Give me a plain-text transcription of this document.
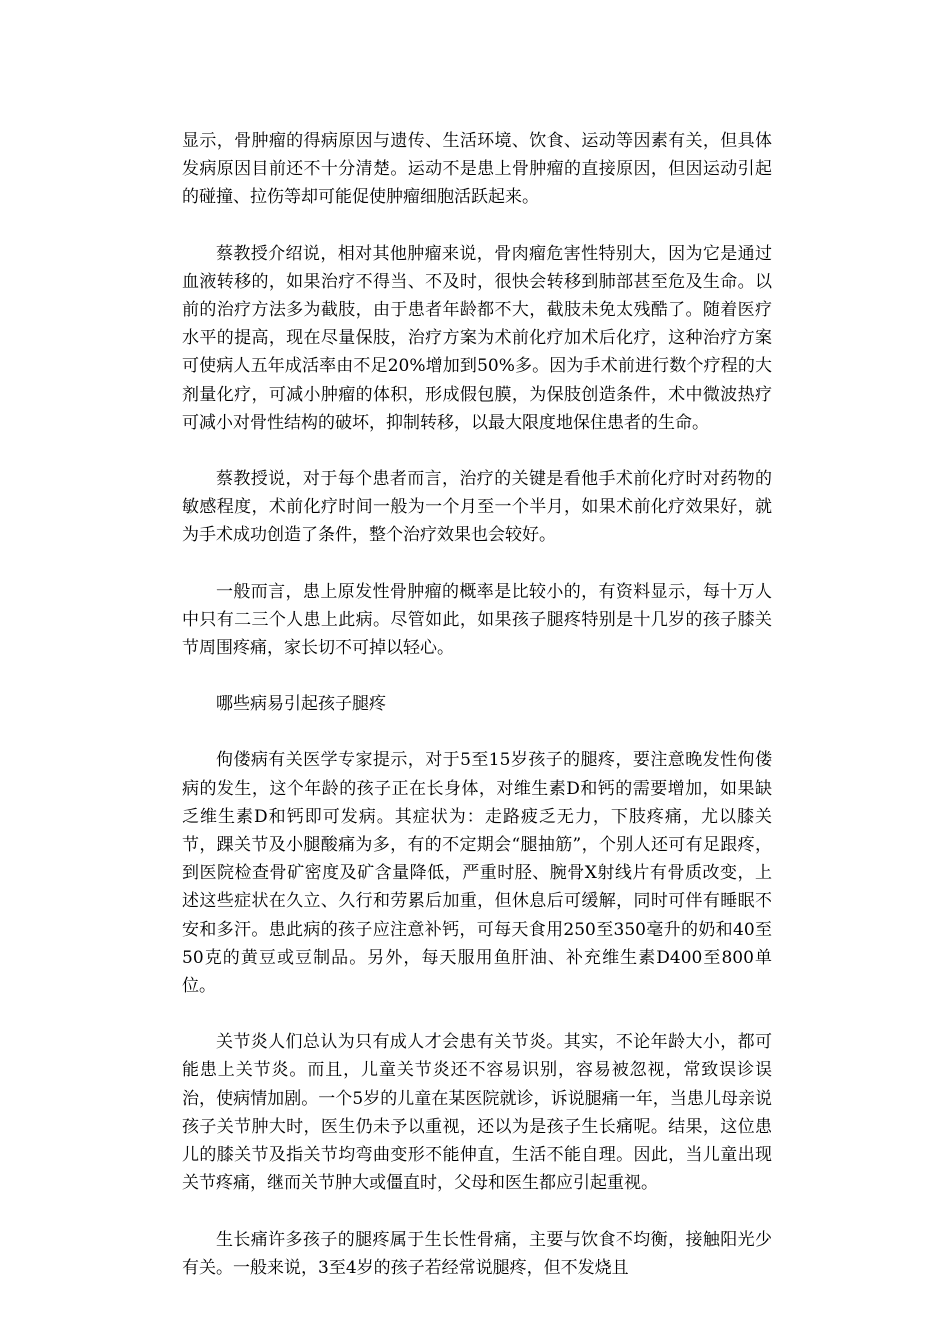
显示，骨肿瘤的得病原因与遗传、生活环境、饮食、运动等因素有关，但具体发病原因目前还不十分清楚。运动不是患上骨肿瘤的直接原因，但因运动引起的碰撞、拉伤等却可能促使肿瘤细胞活跃起来。

蔡教授介绍说，相对其他肿瘤来说，骨肉瘤危害性特别大，因为它是通过血液转移的，如果治疗不得当、不及时，很快会转移到肺部甚至危及生命。以前的治疗方法多为截肢，由于患者年龄都不大，截肢未免太残酷了。随着医疗水平的提高，现在尽量保肢，治疗方案为术前化疗加术后化疗，这种治疗方案可使病人五年成活率由不足20%增加到50%多。因为手术前进行数个疗程的大剂量化疗，可减小肿瘤的体积，形成假包膜，为保肢创造条件，术中微波热疗可减小对骨性结构的破坏，抑制转移，以最大限度地保住患者的生命。

蔡教授说，对于每个患者而言，治疗的关键是看他手术前化疗时对药物的敏感程度，术前化疗时间一般为一个月至一个半月，如果术前化疗效果好，就为手术成功创造了条件，整个治疗效果也会较好。

一般而言，患上原发性骨肿瘤的概率是比较小的，有资料显示，每十万人中只有二三个人患上此病。尽管如此，如果孩子腿疼特别是十几岁的孩子膝关节周围疼痛，家长切不可掉以轻心。

哪些病易引起孩子腿疼

佝偻病有关医学专家提示，对于5至15岁孩子的腿疼，要注意晚发性佝偻病的发生，这个年龄的孩子正在长身体，对维生素D和钙的需要增加，如果缺乏维生素D和钙即可发病。其症状为：走路疲乏无力，下肢疼痛，尤以膝关节，踝关节及小腿酸痛为多，有的不定期会“腿抽筋”，个别人还可有足跟疼，到医院检查骨矿密度及矿含量降低，严重时胫、腕骨X射线片有骨质改变，上述这些症状在久立、久行和劳累后加重，但休息后可缓解，同时可伴有睡眠不安和多汗。患此病的孩子应注意补钙，可每天食用250至350毫升的奶和40至50克的黄豆或豆制品。另外，每天服用鱼肝油、补充维生素D400至800单位。

关节炎人们总认为只有成人才会患有关节炎。其实，不论年龄大小，都可能患上关节炎。而且，儿童关节炎还不容易识别，容易被忽视，常致误诊误治，使病情加剧。一个5岁的儿童在某医院就诊，诉说腿痛一年，当患儿母亲说孩子关节肿大时，医生仍未予以重视，还以为是孩子生长痛呢。结果，这位患儿的膝关节及指关节均弯曲变形不能伸直，生活不能自理。因此，当儿童出现关节疼痛，继而关节肿大或僵直时，父母和医生都应引起重视。

生长痛许多孩子的腿疼属于生长性骨痛，主要与饮食不均衡，接触阳光少有关。一般来说，3至4岁的孩子若经常说腿疼，但不发烧且
